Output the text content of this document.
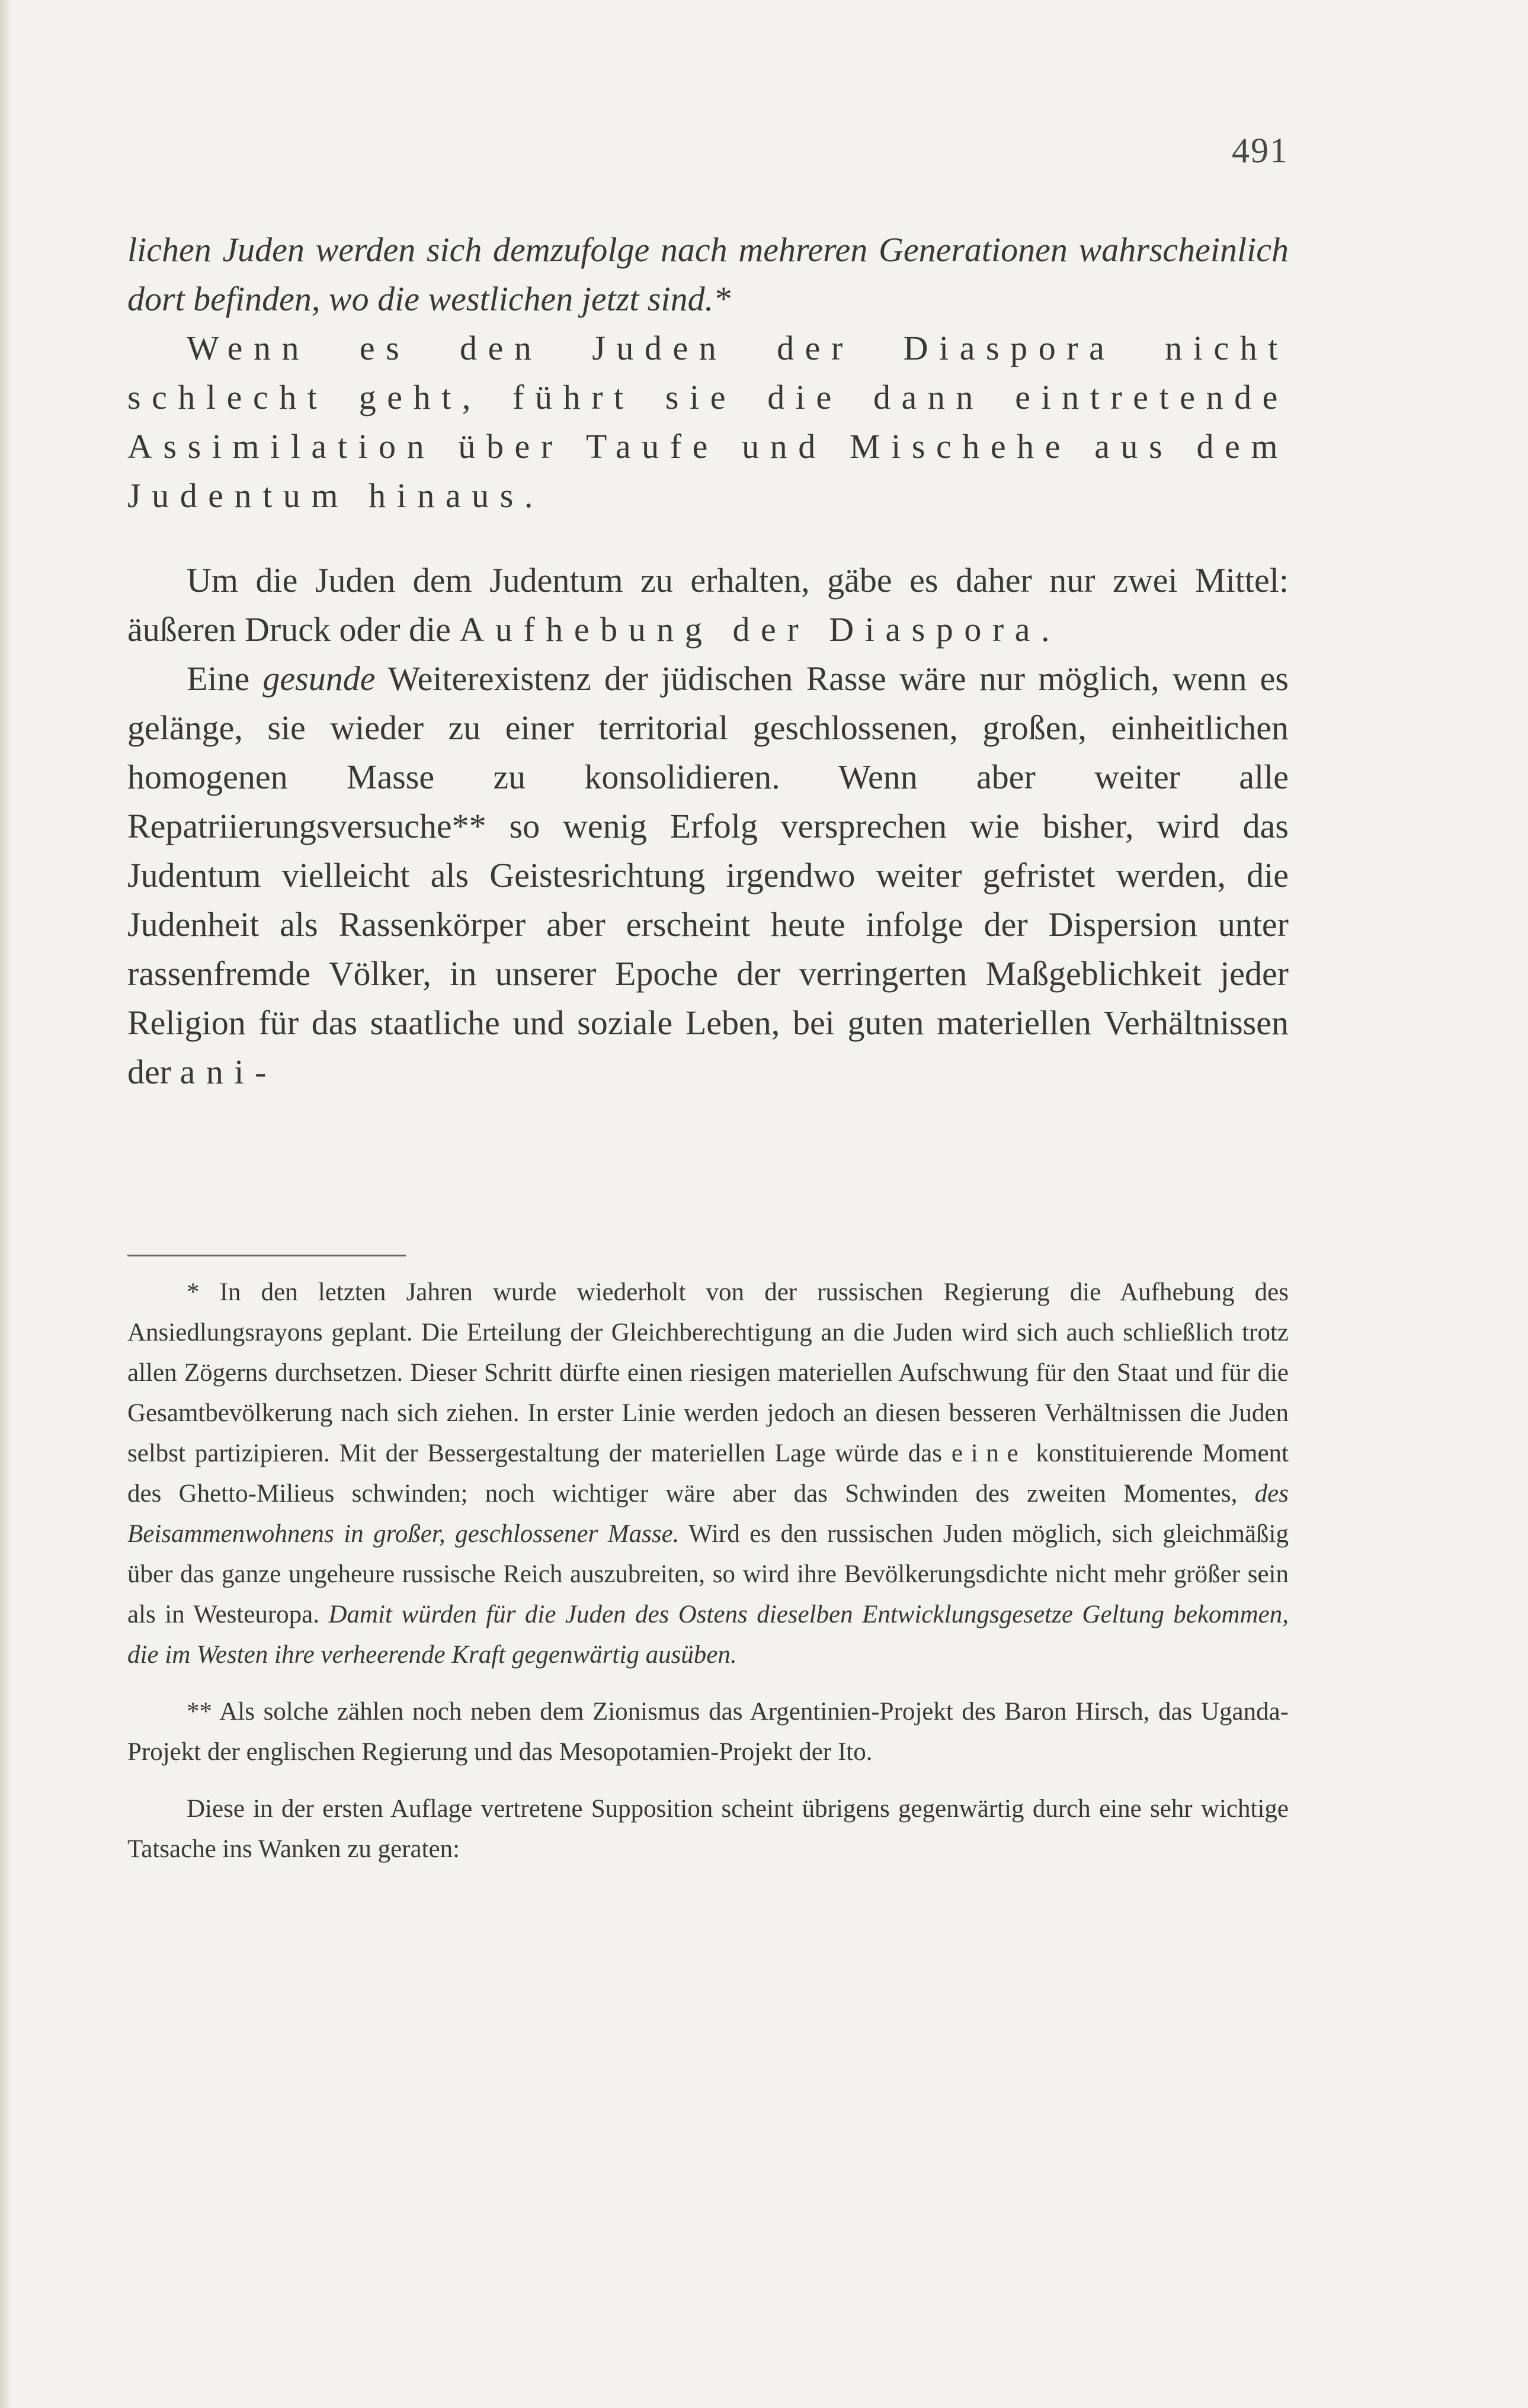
491

lichen Juden werden sich demzufolge nach mehreren Generationen wahrscheinlich dort befinden, wo die westlichen jetzt sind.*

Wenn es den Juden der Diaspora nicht schlecht geht, führt sie die dann eintretende Assimilation über Taufe und Mischehe aus dem Judentum hinaus.

Um die Juden dem Judentum zu erhalten, gäbe es daher nur zwei Mittel: äußeren Druck oder die Aufhebung der Diaspora.

Eine gesunde Weiterexistenz der jüdischen Rasse wäre nur möglich, wenn es gelänge, sie wieder zu einer territorial geschlossenen, großen, einheitlichen homogenen Masse zu konsolidieren. Wenn aber weiter alle Repatriierungsversuche** so wenig Erfolg versprechen wie bisher, wird das Judentum vielleicht als Geistesrichtung irgendwo weiter gefristet werden, die Judenheit als Rassenkörper aber erscheint heute infolge der Dispersion unter rassenfremde Völker, in unserer Epoche der verringerten Maßgeblichkeit jeder Religion für das staatliche und soziale Leben, bei guten materiellen Verhältnissen der ani-

* In den letzten Jahren wurde wiederholt von der russischen Regierung die Aufhebung des Ansiedlungsrayons geplant. Die Erteilung der Gleichberechtigung an die Juden wird sich auch schließlich trotz allen Zögerns durchsetzen. Dieser Schritt dürfte einen riesigen materiellen Aufschwung für den Staat und für die Gesamtbevölkerung nach sich ziehen. In erster Linie werden jedoch an diesen besseren Verhältnissen die Juden selbst partizipieren. Mit der Bessergestaltung der materiellen Lage würde das eine konstituierende Moment des Ghetto-Milieus schwinden; noch wichtiger wäre aber das Schwinden des zweiten Momentes, des Beisammenwohnens in großer, geschlossener Masse. Wird es den russischen Juden möglich, sich gleichmäßig über das ganze ungeheure russische Reich auszubreiten, so wird ihre Bevölkerungsdichte nicht mehr größer sein als in Westeuropa. Damit würden für die Juden des Ostens dieselben Entwicklungsgesetze Geltung bekommen, die im Westen ihre verheerende Kraft gegenwärtig ausüben.

** Als solche zählen noch neben dem Zionismus das Argentinien-Projekt des Baron Hirsch, das Uganda-Projekt der englischen Regierung und das Mesopotamien-Projekt der Ito.

Diese in der ersten Auflage vertretene Supposition scheint übrigens gegenwärtig durch eine sehr wichtige Tatsache ins Wanken zu geraten:
